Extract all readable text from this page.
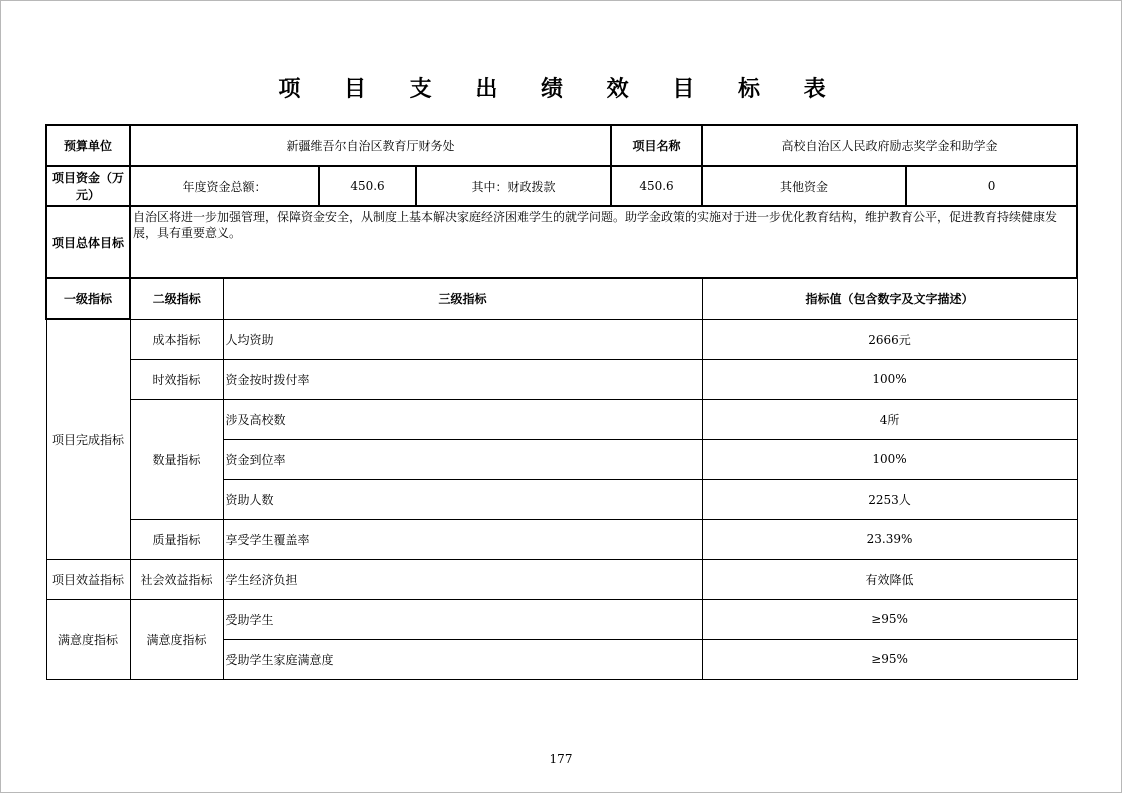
项 目 支 出 绩 效 目 标 表
预算单位	新疆维吾尔自治区教育厅财务处				项目名称	高校自治区人民政府励志奖学金和助学金	
项目资金（万元）	年度资金总额：		450.6	其中：财政拨款	450.6	其他资金	0
项目总体目标	自治区将进一步加强管理，保障资金安全，从制度上基本解决家庭经济困难学生的就学问题。助学金政策的实施对于进一步优化教育结构，维护教育公平，促进教育持续健康发展，具有重要意义。						
一级指标	二级指标	三级指标				指标值（包含数字及文字描述）	
项目完成指标	成本指标	人均资助				2666元	
	时效指标	资金按时拨付率				100%	
	数量指标	涉及高校数				4所	
		资金到位率				100%	
		资助人数				2253人	
	质量指标	享受学生覆盖率				23.39%	
项目效益指标	社会效益指标	学生经济负担				有效降低	
满意度指标	满意度指标	受助学生				≥95%	
		受助学生家庭满意度				≥95%	
177
